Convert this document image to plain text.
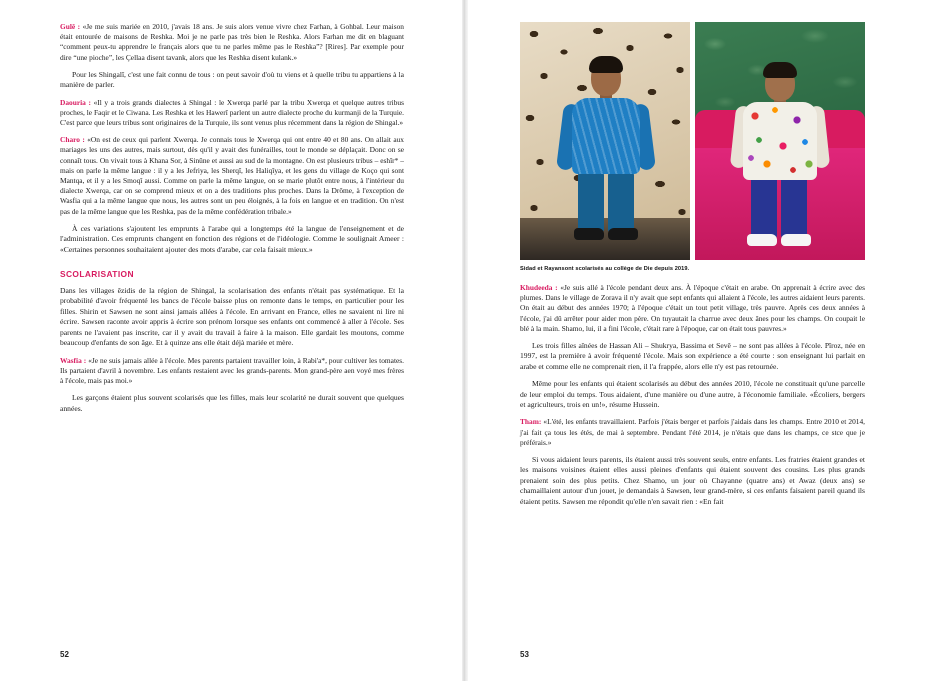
Gulê : «Je me suis mariée en 2010, j'avais 18 ans. Je suis alors venue vivre chez Farhan, à Gohbal. Leur maison était entourée de maisons de Reshka. Moi je ne parle pas très bien le Reshka. Alors Farhan me dit en blaguant “comment peux-tu apprendre le français alors que tu ne parles même pas le Reshka”? [Rires]. Par exemple pour dire “une pioche”, les Çellaa disent tavank, alors que les Reshka disent kulank.»

Pour les Shingalî, c'est une fait connu de tous : on peut savoir d'où tu viens et à quelle tribu tu appartiens à la manière de parler.

Daouria : «Il y a trois grands dialectes à Shingal : le Xwerqa parlé par la tribu Xwerqa et quelque autres tribus proches, le Faqir et le Ciwana. Les Reshka et les Hawerî parlent un autre dialecte proche du kurmanji de la Turquie. C'est parce que leurs tribus sont originaires de la Turquie, ils sont venus plus récemment dans la région de Shingal.»

Charo : «On est de ceux qui parlent Xwerqa. Je connais tous le Xwerqa qui ont entre 40 et 80 ans. On allait aux mariages les uns des autres, mais surtout, dès qu'il y avait des funérailles, tout le monde se déplaçait. Donc on se connaît tous. On vivait tous à Khana Sor, à Sinûne et aussi au sud de la montagne. On est plusieurs tribus – eshîr* – mais on parle la même langue : il y a les Jefriya, les Sherqî, les Haliqîya, et les gens du village de Koço qui sont Mantqa, et il y a les Smoqî aussi. Comme on parle la même langue, on se marie plutôt entre nous, à l'intérieur du dialecte Xwerqa, car on se comprend mieux et on a des traditions plus proches. Dans la Drôme, à l'exception de Wasfia qui a la même langue que nous, les autres sont un peu éloignés, à la fois en langue et en tradition. On n'est pas de la même langue que les Reshka, pas de la même confédération tribale.»

À ces variations s'ajoutent les emprunts à l'arabe qui a longtemps été la langue de l'enseignement et de l'administration. Ces emprunts changent en fonction des régions et de l'idéologie. Comme le soulignait Ameer : «Certaines personnes souhaitaient ajouter des mots d'arabe, car cela faisait mieux.»

SCOLARISATION

Dans les villages êzidis de la région de Shingal, la scolarisation des enfants n'était pas systématique. Et la probabilité d'avoir fréquenté les bancs de l'école baisse plus on remonte dans le temps, en particulier pour les filles. Shirin et Sawsen ne sont ainsi jamais allées à l'école. En arrivant en France, elles ne savaient ni lire ni écrire. Sawsen raconte avoir appris à écrire son prénom lorsque ses enfants ont commencé à aller à l'école. Ses parents ne l'avaient pas inscrite, car il y avait du travail à faire à la maison. Elle gardait les moutons, comme beaucoup d'enfants de son âge. Et à quinze ans elle était déjà mariée et mère.

Wasfia : «Je ne suis jamais allée à l'école. Mes parents partaient travailler loin, à Rabi'a*, pour cultiver les tomates. Ils partaient d'avril à novembre. Les enfants restaient avec les grands-parents. Mon grand-père aen voyé mes frères à l'école, mais pas moi.»

Les garçons étaient plus souvent scolarisés que les filles, mais leur scolarité ne durait souvent que quelques années.

52
Sidad et Rayansont scolarisés au collège de Die depuis 2019.

Khudeeda : «Je suis allé à l'école pendant deux ans. À l'époque c'était en arabe. On apprenait à écrire avec des plumes. Dans le village de Zorava il n'y avait que sept enfants qui allaient à l'école, les autres aidaient leurs parents. On était au début des années 1970; à l'époque c'était un tout petit village, très pauvre. Après ces deux années à l'école, j'ai dû arrêter pour aider mon père. On tuyautait la charrue avec deux ânes pour les champs. On coupait le blé à la main. Shamo, lui, il a fini l'école, c'était rare à l'époque, car on était tous pauvres.»

Les trois filles aînées de Hassan Ali – Shukrya, Bassima et Sevê – ne sont pas allées à l'école. Pîroz, née en 1997, est la première à avoir fréquenté l'école. Mais son expérience a été courte : son enseignant lui parlait en arabe et comme elle ne comprenait rien, il l'a frappée, alors elle n'y est pas retournée.

Même pour les enfants qui étaient scolarisés au début des années 2010, l'école ne constituait qu'une parcelle de leur emploi du temps. Tous aidaient, d'une manière ou d'une autre, à l'économie familiale. «Écoliers, bergers et agriculteurs, trois en un!», résume Hussein.

Tham: «L'été, les enfants travaillaient. Parfois j'étais berger et parfois j'aidais dans les champs. Entre 2010 et 2014, j'ai fait ça tous les étés, de mai à septembre. Pendant l'été 2014, je n'étais que dans les champs, ce stce que je préférais.»

Si vous aidaient leurs parents, ils étaient aussi très souvent seuls, entre enfants. Les fratries étaient grandes et les maisons voisines étaient elles aussi pleines d'enfants qui étaient souvent des cousins. Les plus grands prenaient soin des plus petits. Chez Shamo, un jour où Chayanne (quatre ans) et Awaz (deux ans) se chamaillaient autour d'un jouet, je demandais à Sawsen, leur grand-mère, si ces enfants faisaient pareil quand ils étaient petits. Sawsen me répondit qu'elle n'en savait rien : «En fait

53
